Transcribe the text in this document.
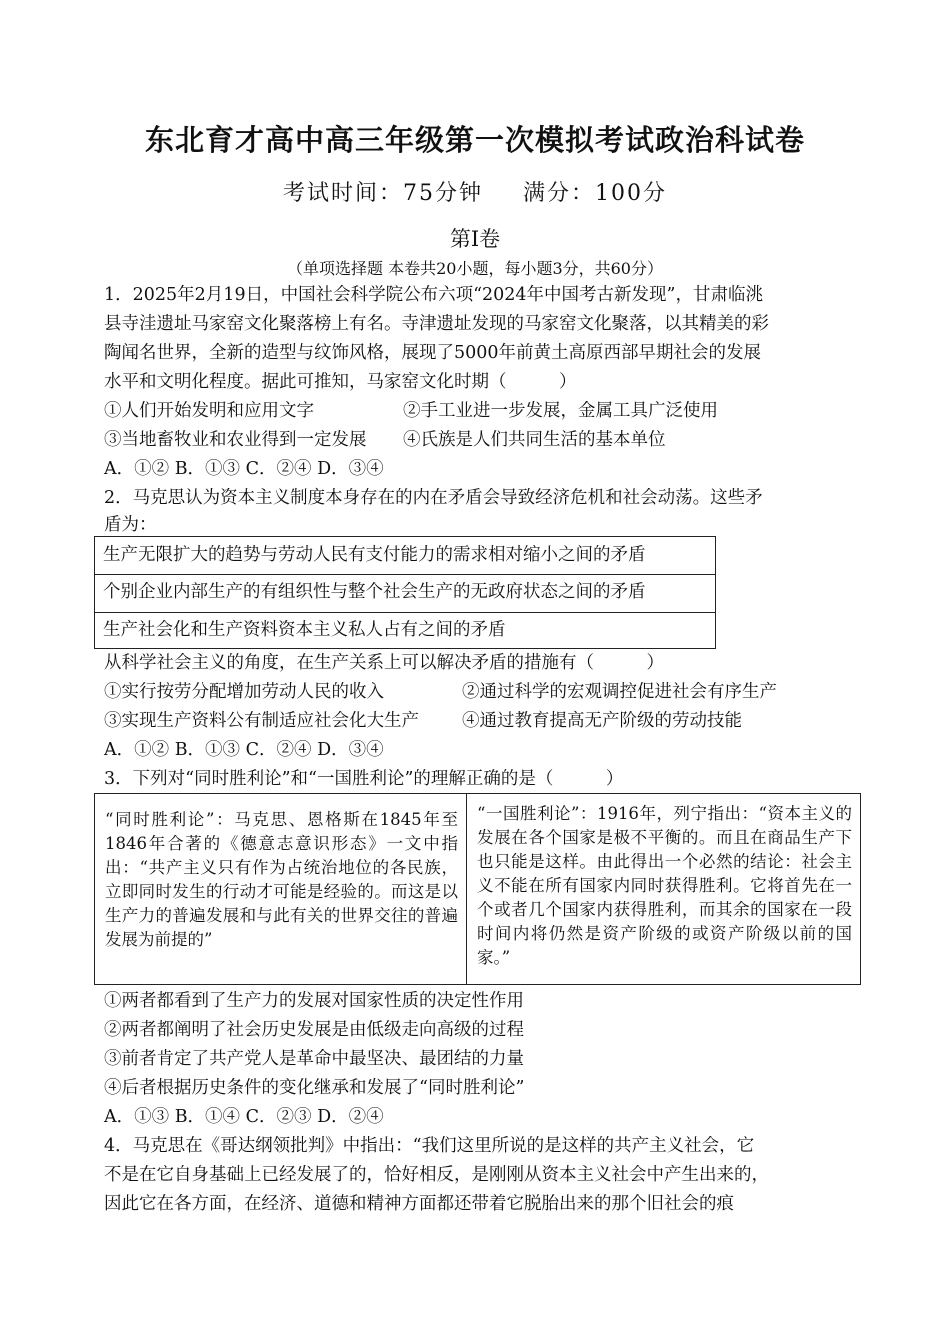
东北育才高中高三年级第一次模拟考试政治科试卷
考试时间：75分钟 满分：100分
第Ⅰ卷
（单项选择题 本卷共20小题，每小题3分，共60分）
1．2025年2月19日，中国社会科学院公布六项“2024年中国考古新发现”，甘肃临洮
县寺洼遗址马家窑文化聚落榜上有名。寺津遗址发现的马家窑文化聚落，以其精美的彩
陶闻名世界，全新的造型与纹饰风格，展现了5000年前黄土高原西部早期社会的发展
水平和文明化程度。据此可推知，马家窑文化时期（　　　）
①人们开始发明和应用文字	②手工业进一步发展，金属工具广泛使用
③当地畜牧业和农业得到一定发展 ④氏族是人们共同生活的基本单位
A．①② B．①③ C．②④ D．③④
2．马克思认为资本主义制度本身存在的内在矛盾会导致经济危机和社会动荡。这些矛
盾为：
生产无限扩大的趋势与劳动人民有支付能力的需求相对缩小之间的矛盾
个别企业内部生产的有组织性与整个社会生产的无政府状态之间的矛盾
生产社会化和生产资料资本主义私人占有之间的矛盾
从科学社会主义的角度，在生产关系上可以解决矛盾的措施有（　　　）
①实行按劳分配增加劳动人民的收入	②通过科学的宏观调控促进社会有序生产
③实现生产资料公有制适应社会化大生产 ④通过教育提高无产阶级的劳动技能
A．①② B．①③ C．②④ D．③④
3．下列对“同时胜利论”和“一国胜利论”的理解正确的是（　　　）
“同时胜利论”：马克思、恩格斯在1845年至1846年合著的《德意志意识形态》一文中指出：“共产主义只有作为占统治地位的各民族，立即同时发生的行动才可能是经验的。而这是以生产力的普遍发展和与此有关的世界交往的普遍发展为前提的”
“一国胜利论”：1916年，列宁指出：“资本主义的发展在各个国家是极不平衡的。而且在商品生产下也只能是这样。由此得出一个必然的结论：社会主义不能在所有国家内同时获得胜利。它将首先在一个或者几个国家内获得胜利，而其余的国家在一段时间内将仍然是资产阶级的或资产阶级以前的国家。”
①两者都看到了生产力的发展对国家性质的决定性作用
②两者都阐明了社会历史发展是由低级走向高级的过程
③前者肯定了共产党人是革命中最坚决、最团结的力量
④后者根据历史条件的变化继承和发展了“同时胜利论”
A．①③ B．①④ C．②③ D．②④
4．马克思在《哥达纲领批判》中指出：“我们这里所说的是这样的共产主义社会，它
不是在它自身基础上已经发展了的，恰好相反，是刚刚从资本主义社会中产生出来的，
因此它在各方面，在经济、道德和精神方面都还带着它脱胎出来的那个旧社会的痕
